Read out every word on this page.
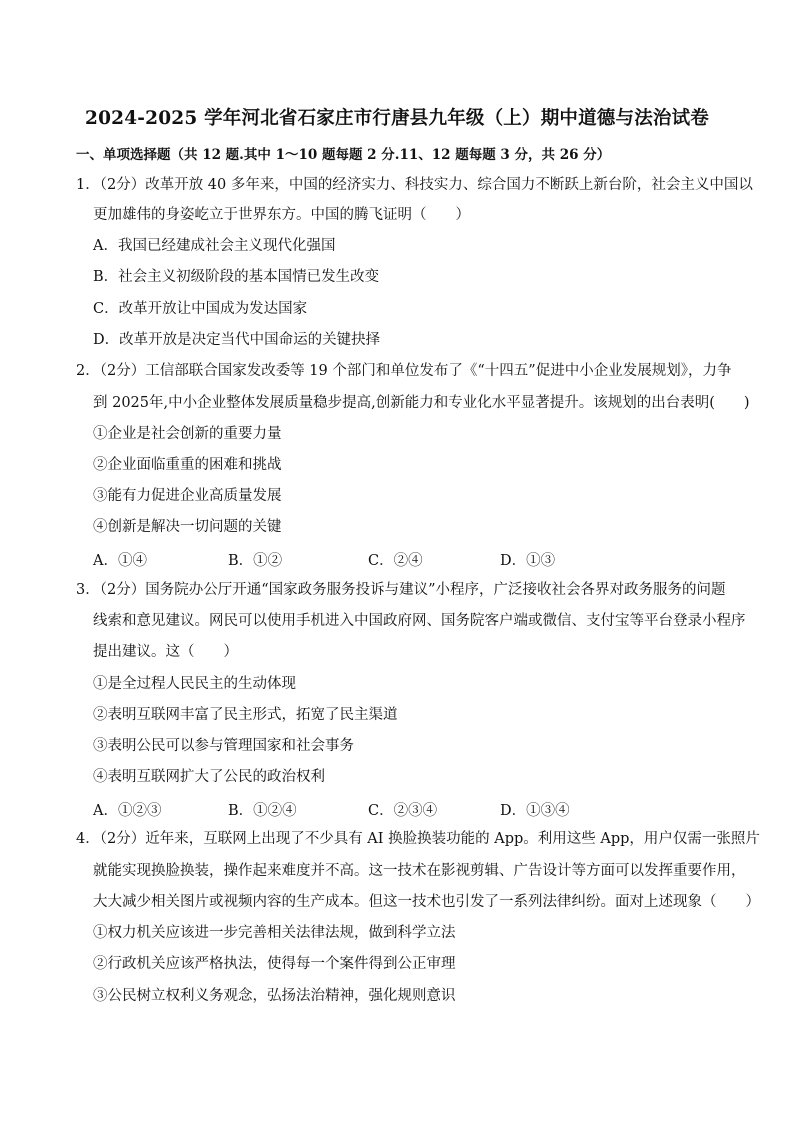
2024-2025 学年河北省石家庄市行唐县九年级（上）期中道德与法治试卷
一、单项选择题（共 12 题.其中 1～10 题每题 2 分.11、12 题每题 3 分，共 26 分）
1．（2分）改革开放 40 多年来，中国的经济实力、科技实力、综合国力不断跃上新台阶，社会主义中国以
更加雄伟的身姿屹立于世界东方。中国的腾飞证明（　　）
A．我国已经建成社会主义现代化强国
B．社会主义初级阶段的基本国情已发生改变
C．改革开放让中国成为发达国家
D．改革开放是决定当代中国命运的关键抉择
2．（2分）工信部联合国家发改委等 19 个部门和单位发布了《“十四五”促进中小企业发展规划》，力争
到 2025年,中小企业整体发展质量稳步提高,创新能力和专业化水平显著提升。该规划的出台表明(　　)
①企业是社会创新的重要力量
②企业面临重重的困难和挑战
③能有力促进企业高质量发展
④创新是解决一切问题的关键
A．①④	B．①②	C．②④	D．①③
3．（2分）国务院办公厅开通“国家政务服务投诉与建议”小程序，广泛接收社会各界对政务服务的问题
线索和意见建议。网民可以使用手机进入中国政府网、国务院客户端或微信、支付宝等平台登录小程序
提出建议。这（　　）
①是全过程人民民主的生动体现
②表明互联网丰富了民主形式，拓宽了民主渠道
③表明公民可以参与管理国家和社会事务
④表明互联网扩大了公民的政治权利
A．①②③	B．①②④	C．②③④	D．①③④
4．（2分）近年来，互联网上出现了不少具有 AI 换脸换装功能的 App。利用这些 App，用户仅需一张照片
就能实现换脸换装，操作起来难度并不高。这一技术在影视剪辑、广告设计等方面可以发挥重要作用，
大大减少相关图片或视频内容的生产成本。但这一技术也引发了一系列法律纠纷。面对上述现象（　　）
①权力机关应该进一步完善相关法律法规，做到科学立法
②行政机关应该严格执法，使得每一个案件得到公正审理
③公民树立权利义务观念，弘扬法治精神，强化规则意识
